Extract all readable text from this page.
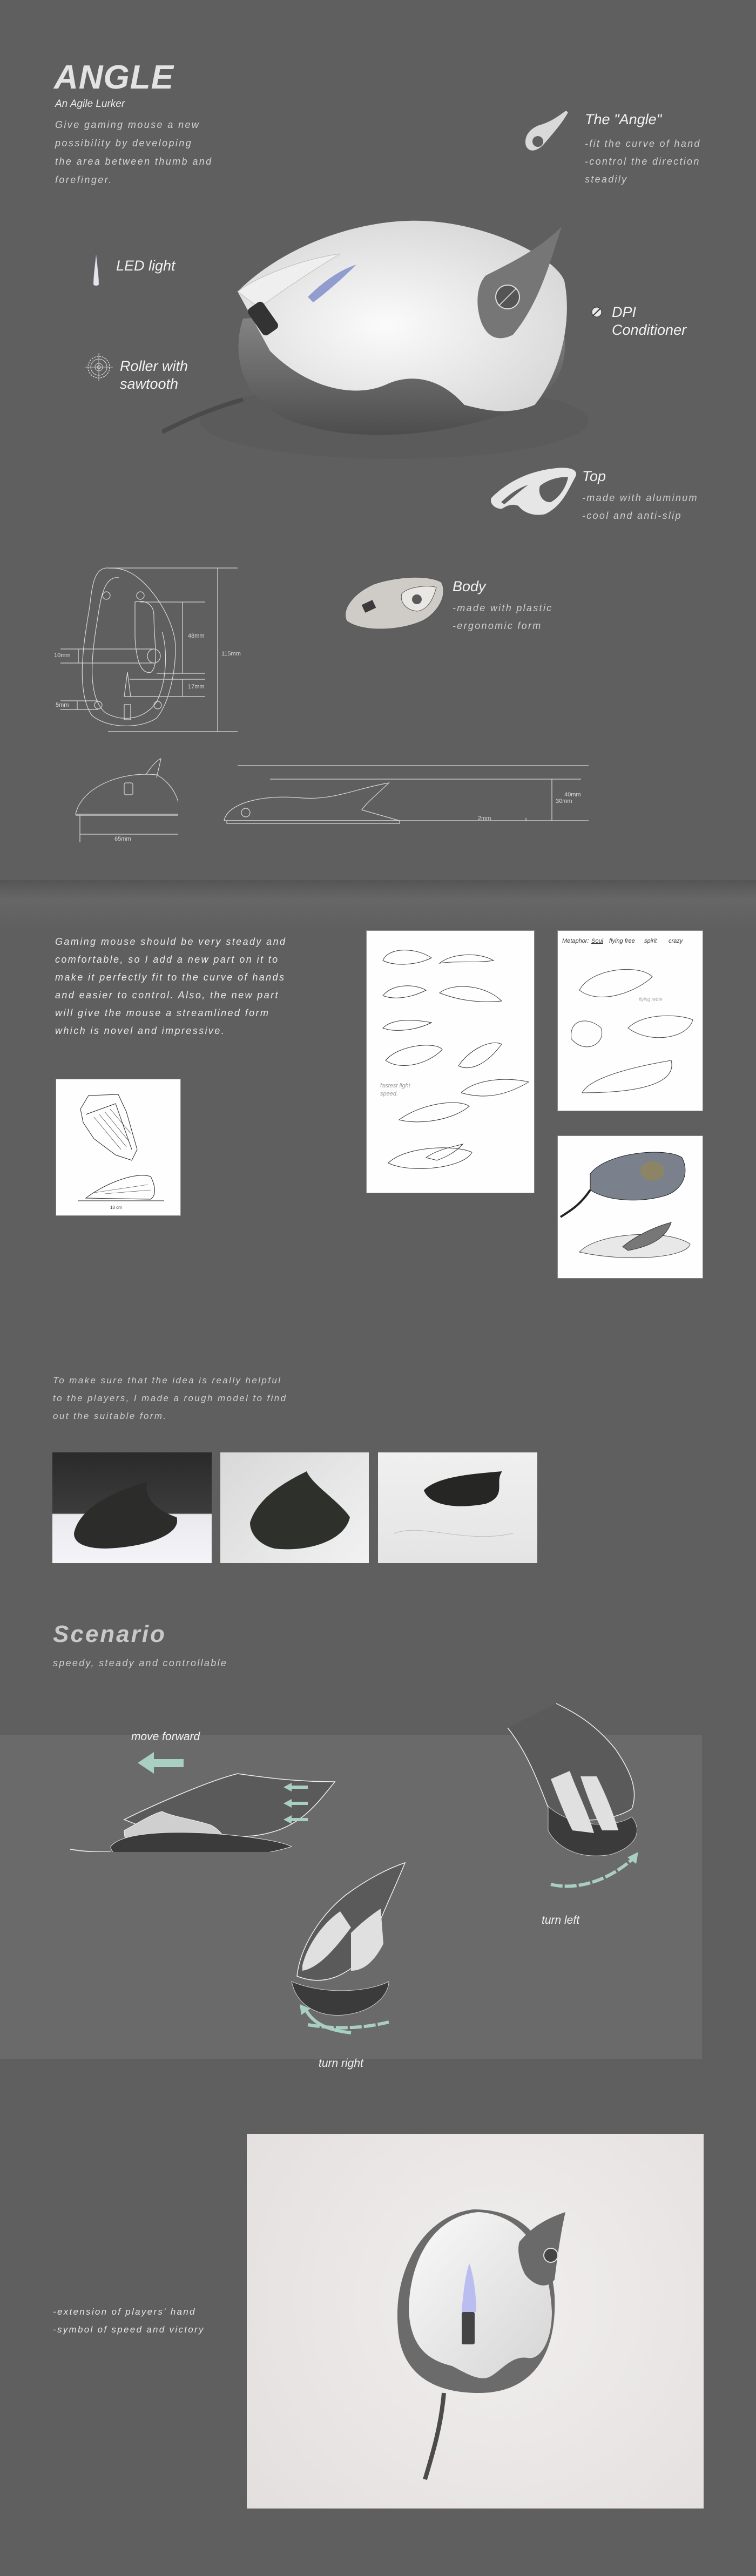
ANGLE
An Agile Lurker
Give gaming mouse a new
possibility by developing
the area between thumb and
forefinger.
The "Angle"
-fit the curve of hand
-control the direction
steadily
LED light
Roller with
sawtooth
DPI
Conditioner
Top
-made with aluminum
-cool and anti-slip
Body
-made with plastic
-ergonomic form
48mm
115mm
10mm
17mm
5mm
65mm
30mm
40mm
2mm
Gaming mouse should be very steady and
comfortable, so I add a new part on it to
make it perfectly fit to the curve of hands
and easier to control. Also, the new part
will give the mouse a streamlined form
which is novel and impressive.
10 cm
fastest light
speed.
Metaphor: Soul flying free spirit crazy
flying reble
To make sure that the idea is really helpful
to the players, I made a rough model to find
out the suitable form.
Scenario
speedy, steady and controllable
move forward
turn left
turn right
-extension of players' hand
-symbol of speed and victory
